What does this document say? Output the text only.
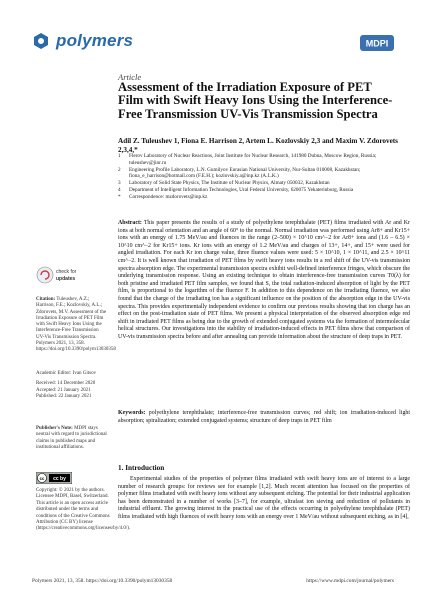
polymers	MDPI
Article
Assessment of the Irradiation Exposure of PET Film with Swift Heavy Ions Using the Interference-Free Transmission UV-Vis Transmission Spectra
Adil Z. Tuleushev 1, Fiona E. Harrison 2, Artem L. Kozlovskiy 2,3 and Maxim V. Zdorovets 2,3,4,*
1 Flerov Laboratory of Nuclear Reactions, Joint Institute for Nuclear Research, 141980 Dubna, Moscow Region, Russia; tuleushev@jinr.ru
2 Engineering Profile Laboratory, L.N. Gumilyov Eurasian National University, Nur-Sultan 010008, Kazakhstan; fiona_e_harrison@hotmail.com (F.E.H.); kozlovskiy.a@inp.kz (A.L.K.)
3 Laboratory of Solid State Physics, The Institute of Nuclear Physics, Almaty 050032, Kazakhstan
4 Department of Intelligent Information Technologies, Ural Federal University, 620075 Yekaterinburg, Russia
* Correspondence: mzdorovets@inp.kz
Abstract: This paper presents the results of a study of polyethylene terephthalate (PET) films irradiated with Ar and Kr ions at both normal orientation and an angle of 60° to the normal. Normal irradiation was performed using Ar8+ and Kr15+ ions with an energy of 1.75 MeV/au and fluences in the range (2–500) × 10^10 cm^−2 for Ar8+ ions and (1.6 – 6.5) × 10^10 cm^−2 for Kr15+ ions. Kr ions with an energy of 1.2 MeV/au and charges of 13+, 14+, and 15+ were used for angled irradiation. For each Kr ion charge value, three fluence values were used: 5 × 10^10, 1 × 10^11, and 2.5 × 10^11 cm^−2. It is well known that irradiation of PET films by swift heavy ions results in a red shift of the UV-vis transmission spectra absorption edge. The experimental transmission spectra exhibit well-defined interference fringes, which obscure the underlying transmission response. Using an existing technique to obtain interference-free transmission curves T0(λ) for both pristine and irradiated PET film samples, we found that S, the total radiation-induced absorption of light by the PET film, is proportional to the logarithm of the fluence F. In addition to this dependence on the irradiating fluence, we also found that the charge of the irradiating ion has a significant influence on the position of the absorption edge in the UV-vis spectra. This provides experimentally independent evidence to confirm our previous results showing that ion charge has an effect on the post-irradiation state of PET films. We present a physical interpretation of the observed absorption edge red shift in irradiated PET films as being due to the growth of extended conjugated systems via the formation of intermolecular helical structures. Our investigations into the stability of irradiation-induced effects in PET films show that comparison of UV-vis transmission spectra before and after annealing can provide information about the structure of deep traps in PET.
Keywords: polyethylene terephthalate; interference-free transmission curves; red shift; ion irradiation-induced light absorption; spiralization; extended conjugated systems; structure of deep traps in PET film
1. Introduction
Experimental studies of the properties of polymer films irradiated with swift heavy ions are of interest to a large number of research groups: for reviews see for example [1,2]. Much recent attention has focused on the properties of polymer films irradiated with swift heavy ions without any subsequent etching. The potential for their industrial application has been demonstrated in a number of works [3–7], for example, ultrafast ion sieving and reduction of pollutants in industrial effluent. The growing interest in the practical use of the effects occurring in polyethylene terephthalate (PET) films irradiated with high fluences of swift heavy ions with an energy over 1 MeV/au without subsequent etching, as in [4],
check for
updates
Citation: Tuleushev, A.Z.; Harrison, F.E.; Kozlovskiy, A.L.; Zdorovets, M.V. Assessment of the Irradiation Exposure of PET Film with Swift Heavy Ions Using the Interference-Free Transmission UV-Vis Transmission Spectra. Polymers 2021, 13, 358. https://doi.org/10.3390/polym13030358
Academic Editor: Ivan Gitsov
Received: 14 December 2020
Accepted: 21 January 2021
Published: 22 January 2021
Publisher's Note: MDPI stays neutral with regard to jurisdictional claims in published maps and institutional affiliations.
cc cc by
Copyright: © 2021 by the authors. Licensee MDPI, Basel, Switzerland. This article is an open access article distributed under the terms and conditions of the Creative Commons Attribution (CC BY) license (https://creativecommons.org/licenses/by/4.0/).
Polymers 2021, 13, 358. https://doi.org/10.3390/polym13030358	https://www.mdpi.com/journal/polymers
